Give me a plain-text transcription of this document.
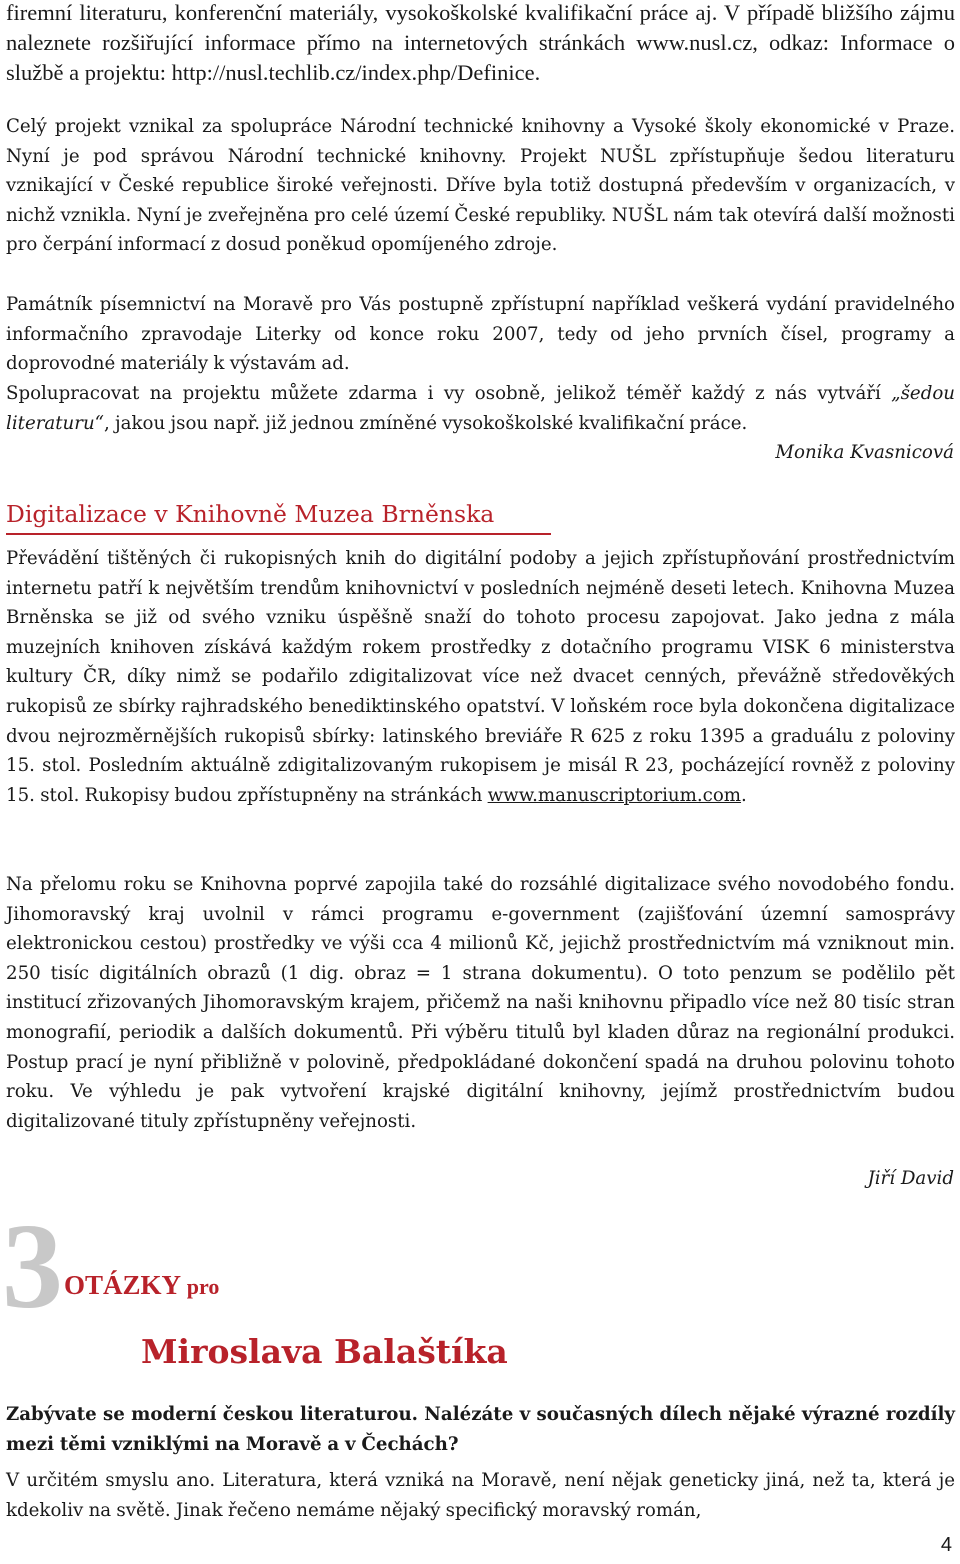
firemní literaturu, konferenční materiály, vysokoškolské kvalifikační práce aj. V případě bližšího zájmu naleznete rozšiřující informace přímo na internetových stránkách www.nusl.cz, odkaz: Informace o službě a projektu: http://nusl.techlib.cz/index.php/Definice.

Celý projekt vznikal za spolupráce Národní technické knihovny a Vysoké školy ekonomické v Praze. Nyní je pod správou Národní technické knihovny. Projekt NUŠL zpřístupňuje šedou literaturu vznikající v České republice široké veřejnosti. Dříve byla totiž dostupná především v organizacích, v nichž vznikla. Nyní je zveřejněna pro celé území České republiky. NUŠL nám tak otevírá další možnosti pro čerpání informací z dosud poněkud opomíjeného zdroje.

Památník písemnictví na Moravě pro Vás postupně zpřístupní například veškerá vydání pravidelného informačního zpravodaje Literky od konce roku 2007, tedy od jeho prvních čísel, programy a doprovodné materiály k výstavám ad.

Spolupracovat na projektu můžete zdarma i vy osobně, jelikož téměř každý z nás vytváří „šedou literaturu“, jakou jsou např. již jednou zmíněné vysokoškolské kvalifikační práce.

Monika Kvasnicová
Digitalizace v Knihovně Muzea Brněnska

Převádění tištěných či rukopisných knih do digitální podoby a jejich zpřístupňování prostřednictvím internetu patří k největším trendům knihovnictví v posledních nejméně deseti letech. Knihovna Muzea Brněnska se již od svého vzniku úspěšně snaží do tohoto procesu zapojovat. Jako jedna z mála muzejních knihoven získává každým rokem prostředky z dotačního programu VISK 6 ministerstva kultury ČR, díky nimž se podařilo zdigitalizovat více než dvacet cenných, převážně středověkých rukopisů ze sbírky rajhradského benediktinského opatství. V loňském roce byla dokončena digitalizace dvou nejrozměrnějších rukopisů sbírky: latinského breviáře R 625 z roku 1395 a graduálu z poloviny 15. stol. Posledním aktuálně zdigitalizovaným rukopisem je misál R 23, pocházející rovněž z poloviny 15. stol. Rukopisy budou zpřístupněny na stránkách www.manuscriptorium.com.

Na přelomu roku se Knihovna poprvé zapojila také do rozsáhlé digitalizace svého novodobého fondu. Jihomoravský kraj uvolnil v rámci programu e-government (zajišťování územní samosprávy elektronickou cestou) prostředky ve výši cca 4 milionů Kč, jejichž prostřednictvím má vzniknout min. 250 tisíc digitálních obrazů (1 dig. obraz = 1 strana dokumentu). O toto penzum se podělilo pět institucí zřizovaných Jihomoravským krajem, přičemž na naši knihovnu připadlo více než 80 tisíc stran monografií, periodik a dalších dokumentů. Při výběru titulů byl kladen důraz na regionální produkci. Postup prací je nyní přibližně v polovině, předpokládané dokončení spadá na druhou polovinu tohoto roku. Ve výhledu je pak vytvoření krajské digitální knihovny, jejímž prostřednictvím budou digitalizované tituly zpřístupněny veřejnosti.

Jiří David
3 OTÁZKY pro
Miroslava Balaštíka

Zabývate se moderní českou literaturou. Nalézáte v současných dílech nějaké výrazné rozdíly mezi těmi vzniklými na Moravě a v Čechách?

V určitém smyslu ano. Literatura, která vzniká na Moravě, není nějak geneticky jiná, než ta, která je kdekoliv na světě. Jinak řečeno nemáme nějaký specifický moravský román,

4
